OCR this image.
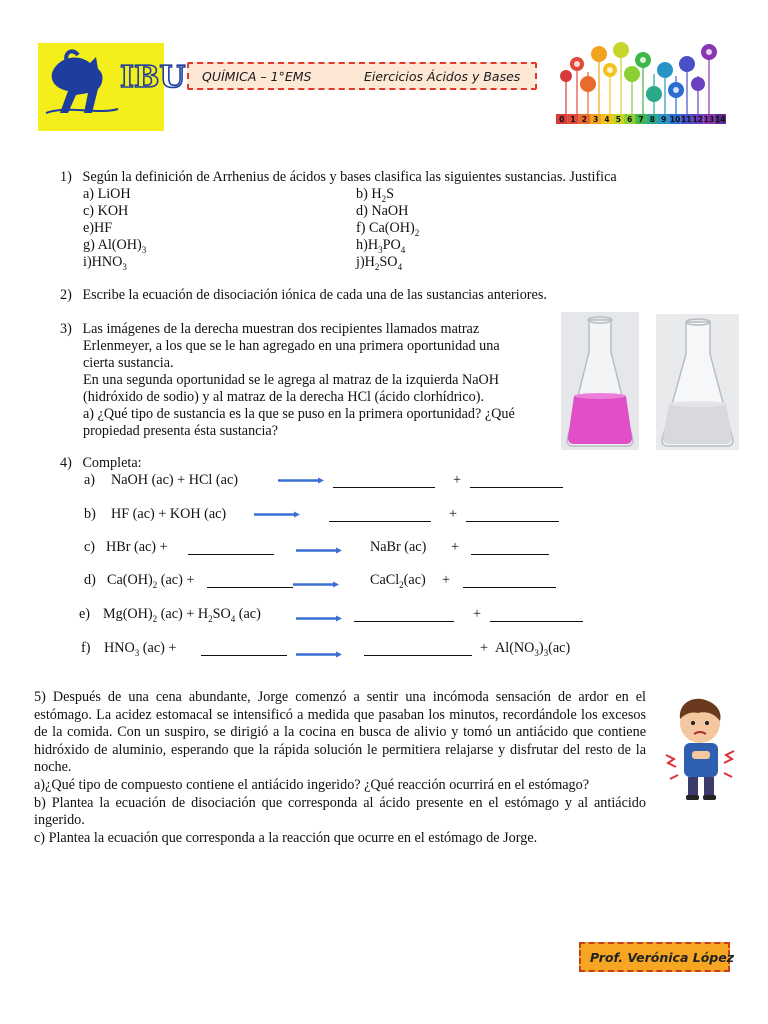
IBU QUÍMICA – 1°EMS	Eiercicios Ácidos y Bases
0 1 2 3 4 5 6 7 8 9 10 11 12 13 14
1)   Según la definición de Arrhenius de ácidos y bases clasifica las siguientes sustancias. Justifica
a) LiOH	b) $H_2S$
c) KOH	d) NaOH
e)HF	f) $Ca(OH)_2$
g) $Al(OH)_3$	$h)H_3PO_4$
$i)HNO_3$	$j)H_2SO_4$
2)   Escribe la ecuación de disociación iónica de cada una de las sustancias anteriores.
3)   Las imágenes de la derecha muestran dos recipientes llamados matraz
Erlenmeyer, a los que se le han agregado en una primera oportunidad una
cierta sustancia.
En una segunda oportunidad se le agrega al matraz de la izquierda NaOH
(hidróxido de sodio) y al matraz de la derecha HCl (ácido clorhídrico).
a) ¿Qué tipo de sustancia es la que se puso en la primera oportunidad? ¿Qué
propiedad presenta ésta sustancia?
4)   Completa:
a) NaOH (ac) + HCl (ac)	+
b) HF (ac) + KOH (ac)	+
c) HBr (ac) +	NaBr (ac) +
d) $Ca(OH)_2$ (ac) +	CaCl$_2$(ac) +
e) $Mg(OH)_2$ $(ac) + H_2SO_4$ (ac)	+
f) $HNO_3$ (ac) +	+ $Al(NO_3)_3(ac)$
5) Después de una cena abundante, Jorge comenzó a sentir una incómoda sensación de ardor en el estómago. La acidez estomacal se intensificó a medida que pasaban los minutos, recordándole los excesos de la comida. Con un suspiro, se dirigió a la cocina en busca de alivio y tomó un antiácido que contiene hidróxido de aluminio, esperando que la rápida solución le permitiera relajarse y disfrutar del resto de la noche.
a)¿Qué tipo de compuesto contiene el antiácido ingerido? ¿Qué reacción ocurrirá en el estómago?
b) Plantea la ecuación de disociación que corresponda al ácido presente en el estómago y al antiácido ingerido.
c) Plantea la ecuación que corresponda a la reacción que ocurre en el estómago de Jorge.
Prof. Verónica López
